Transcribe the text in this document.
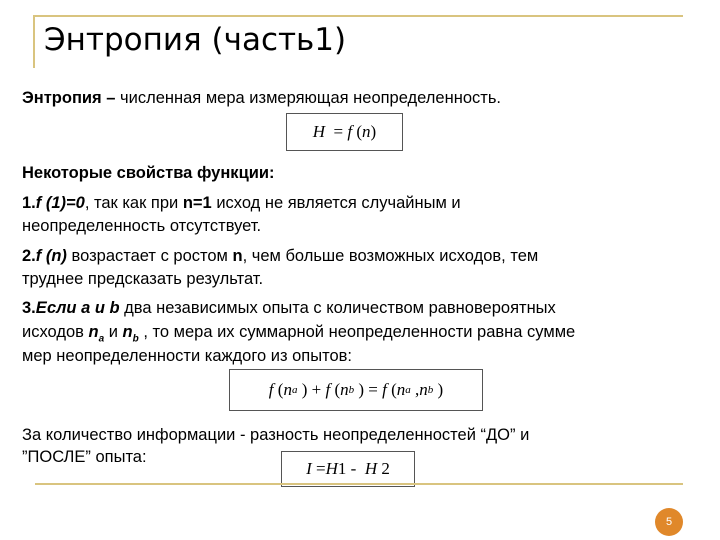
Энтропия (часть1)
Энтропия – численная мера измеряющая неопределенность.
H
=
f
( n )
Некоторые свойства функции:
1.f (1)=0, так как при n=1 исход не является случайным и
неопределенность отсутствует.
2.f (n) возрастает с ростом n, чем больше возможных исходов, тем
труднее предсказать результат.
3.Если a и b два независимых опыта с количеством равновероятных
исходов $n_a$ и $n_b$ , то мера их суммарной неопределенности равна сумме
мер неопределенности каждого из опытов:
f
( n a
)
+
f
( n b
)
=
f
( n a
, n b
)
За количество информации - разность неопределенностей “ДО” и
”ПОСЛЕ” опыта:
I
= H 1
-
H
2
5
